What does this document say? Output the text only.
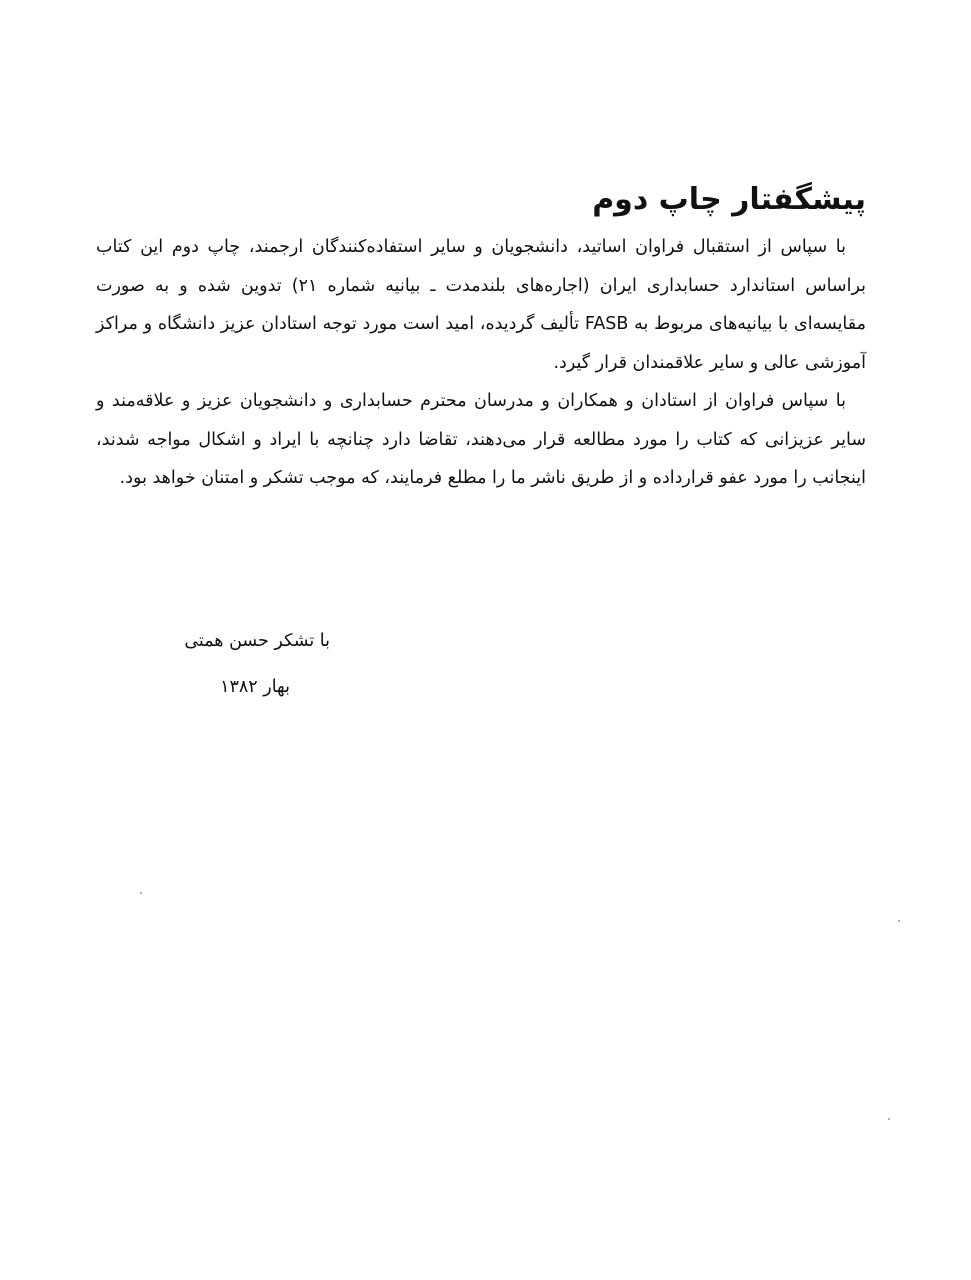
پیشگفتار چاپ دوم

با سپاس از استقبال فراوان اساتید، دانشجویان و سایر استفاده‌کنندگان ارجمند، چاپ دوم این کتاب براساس استاندارد حسابداری ایران (اجاره‌های بلندمدت ـ بیانیه شماره ۲۱) تدوین شده و به صورت مقایسه‌ای با بیانیه‌های مربوط به FASB تألیف گردیده، امید است مورد توجه استادان عزیز دانشگاه و مراکز آموزشی عالی و سایر علاقمندان قرار گیرد.

با سپاس فراوان از استادان و همکاران و مدرسان محترم حسابداری و دانشجویان عزیز و علاقه‌مند و سایر عزیزانی که کتاب را مورد مطالعه قرار می‌دهند، تقاضا دارد چنانچه با ایراد و اشکال مواجه شدند، اینجانب را مورد عفو قرارداده و از طریق ناشر ما را مطلع فرمایند، که موجب تشکر و امتنان خواهد بود.

با تشکر حسن همتی
بهار ۱۳۸۲
